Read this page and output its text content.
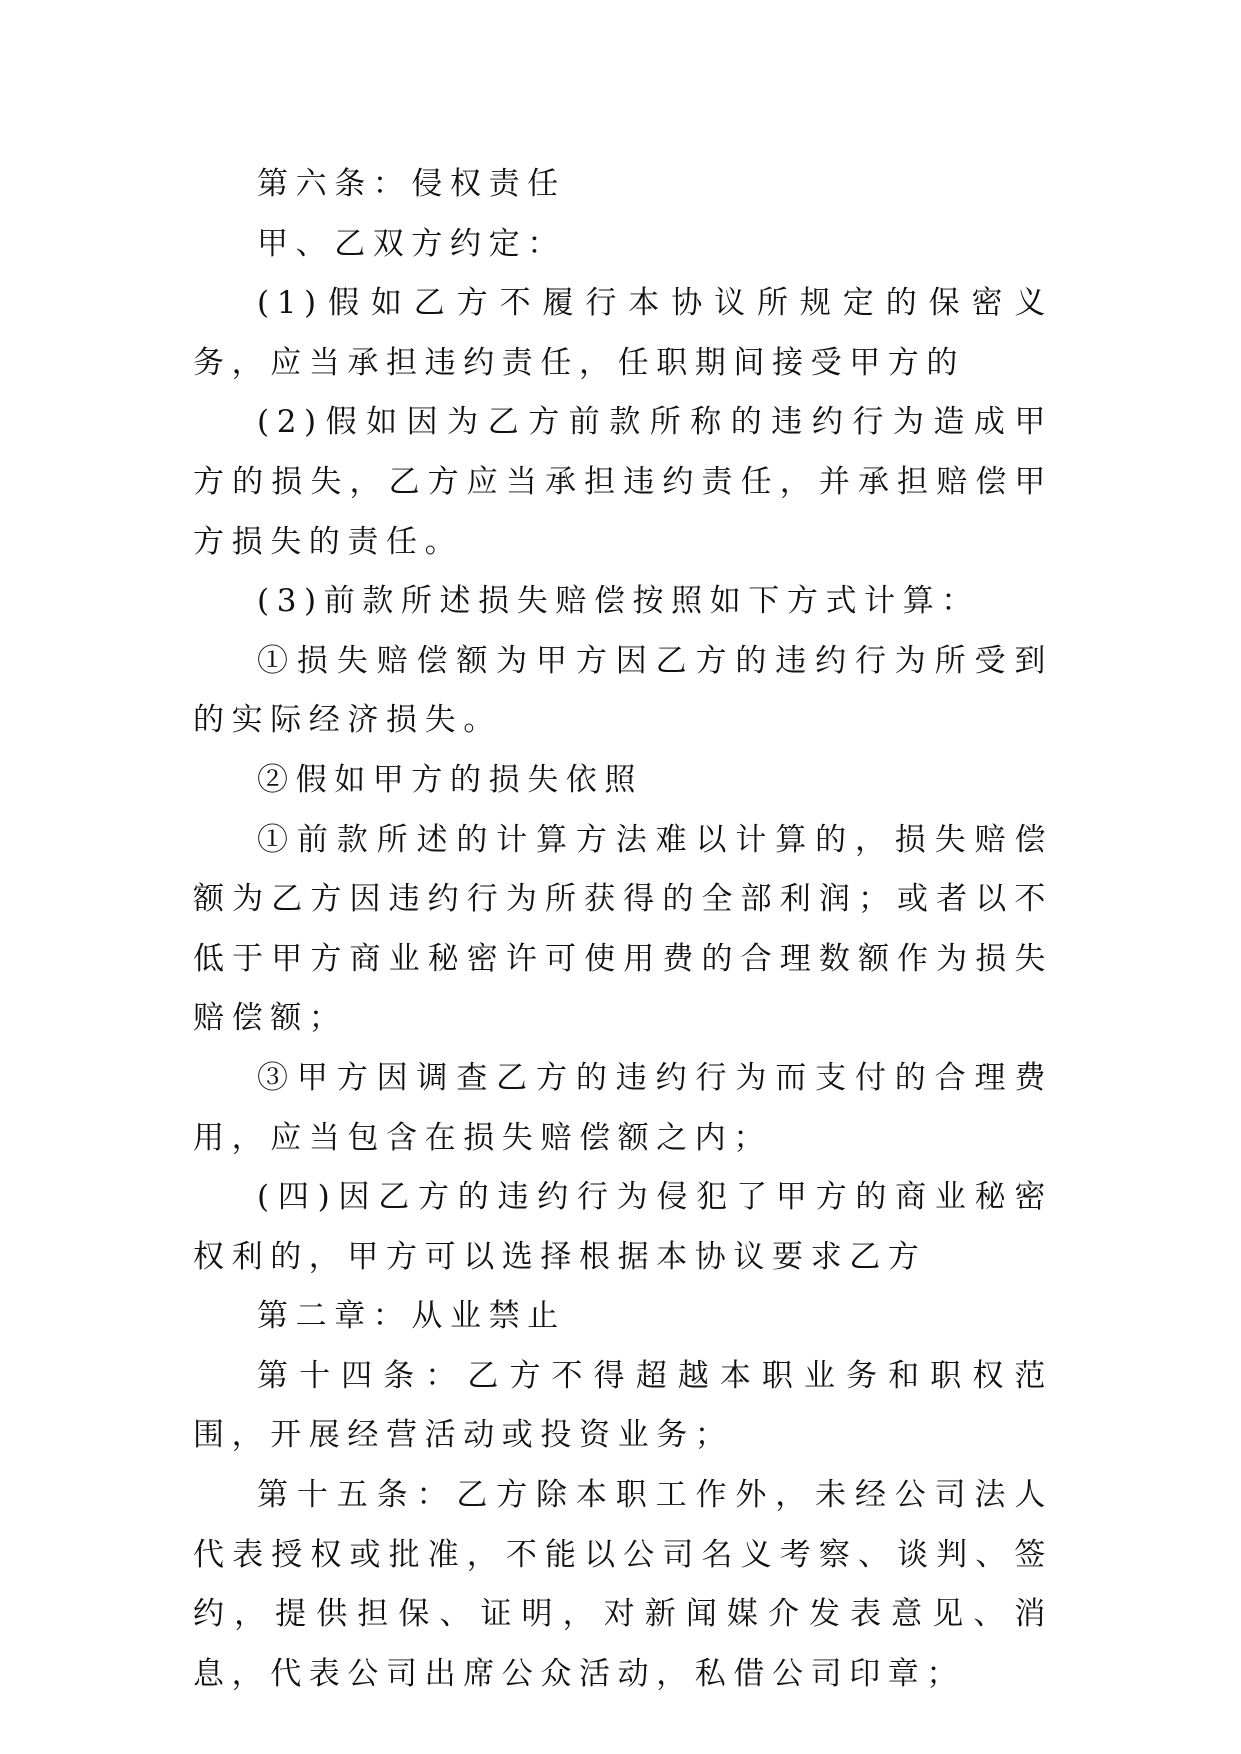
第六条：侵权责任

甲、乙双方约定：

(1)假如乙方不履行本协议所规定的保密义务，应当承担违约责任，任职期间接受甲方的

(2)假如因为乙方前款所称的违约行为造成甲方的损失，乙方应当承担违约责任，并承担赔偿甲方损失的责任。

(3)前款所述损失赔偿按照如下方式计算：

①损失赔偿额为甲方因乙方的违约行为所受到的实际经济损失。

②假如甲方的损失依照

①前款所述的计算方法难以计算的，损失赔偿额为乙方因违约行为所获得的全部利润；或者以不低于甲方商业秘密许可使用费的合理数额作为损失赔偿额；

③甲方因调查乙方的违约行为而支付的合理费用，应当包含在损失赔偿额之内；

(四)因乙方的违约行为侵犯了甲方的商业秘密权利的，甲方可以选择根据本协议要求乙方

第二章：从业禁止

第十四条：乙方不得超越本职业务和职权范围，开展经营活动或投资业务；

第十五条：乙方除本职工作外，未经公司法人代表授权或批准，不能以公司名义考察、谈判、签约，提供担保、证明，对新闻媒介发表意见、消息，代表公司出席公众活动，私借公司印章；
